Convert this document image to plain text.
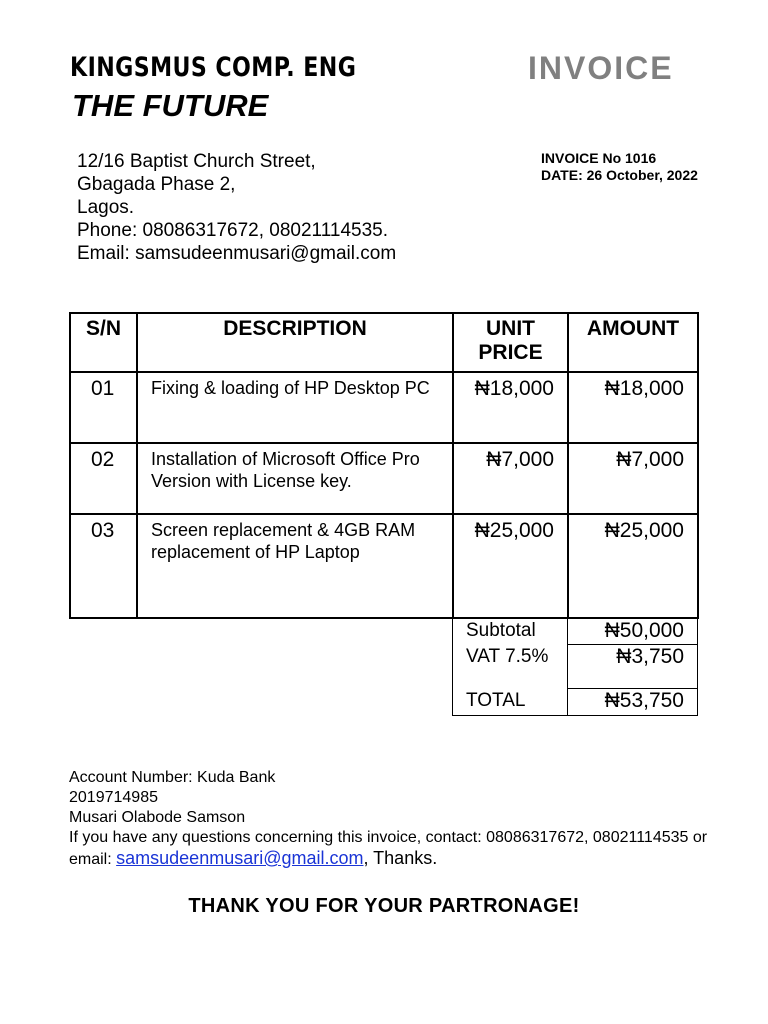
KINGSMUS COMP. ENG
THE FUTURE
INVOICE
12/16 Baptist Church Street,
Gbagada Phase 2,
Lagos.
Phone: 08086317672, 08021114535.
Email: samsudeenmusari@gmail.com
INVOICE No 1016
DATE: 26 October, 2022
S/N	DESCRIPTION	UNIT PRICE	AMOUNT
01	Fixing & loading of HP Desktop PC	₦18,000	₦18,000
02	Installation of Microsoft Office Pro Version with License key.	₦7,000	₦7,000
03	Screen replacement & 4GB RAM replacement of HP Laptop	₦25,000	₦25,000
Subtotal	₦50,000
VAT 7.5%	₦3,750
TOTAL	₦53,750
Account Number: Kuda Bank
2019714985
Musari Olabode Samson
If you have any questions concerning this invoice, contact: 08086317672, 08021114535 or email: samsudeenmusari@gmail.com, Thanks.
THANK YOU FOR YOUR PARTRONAGE!
